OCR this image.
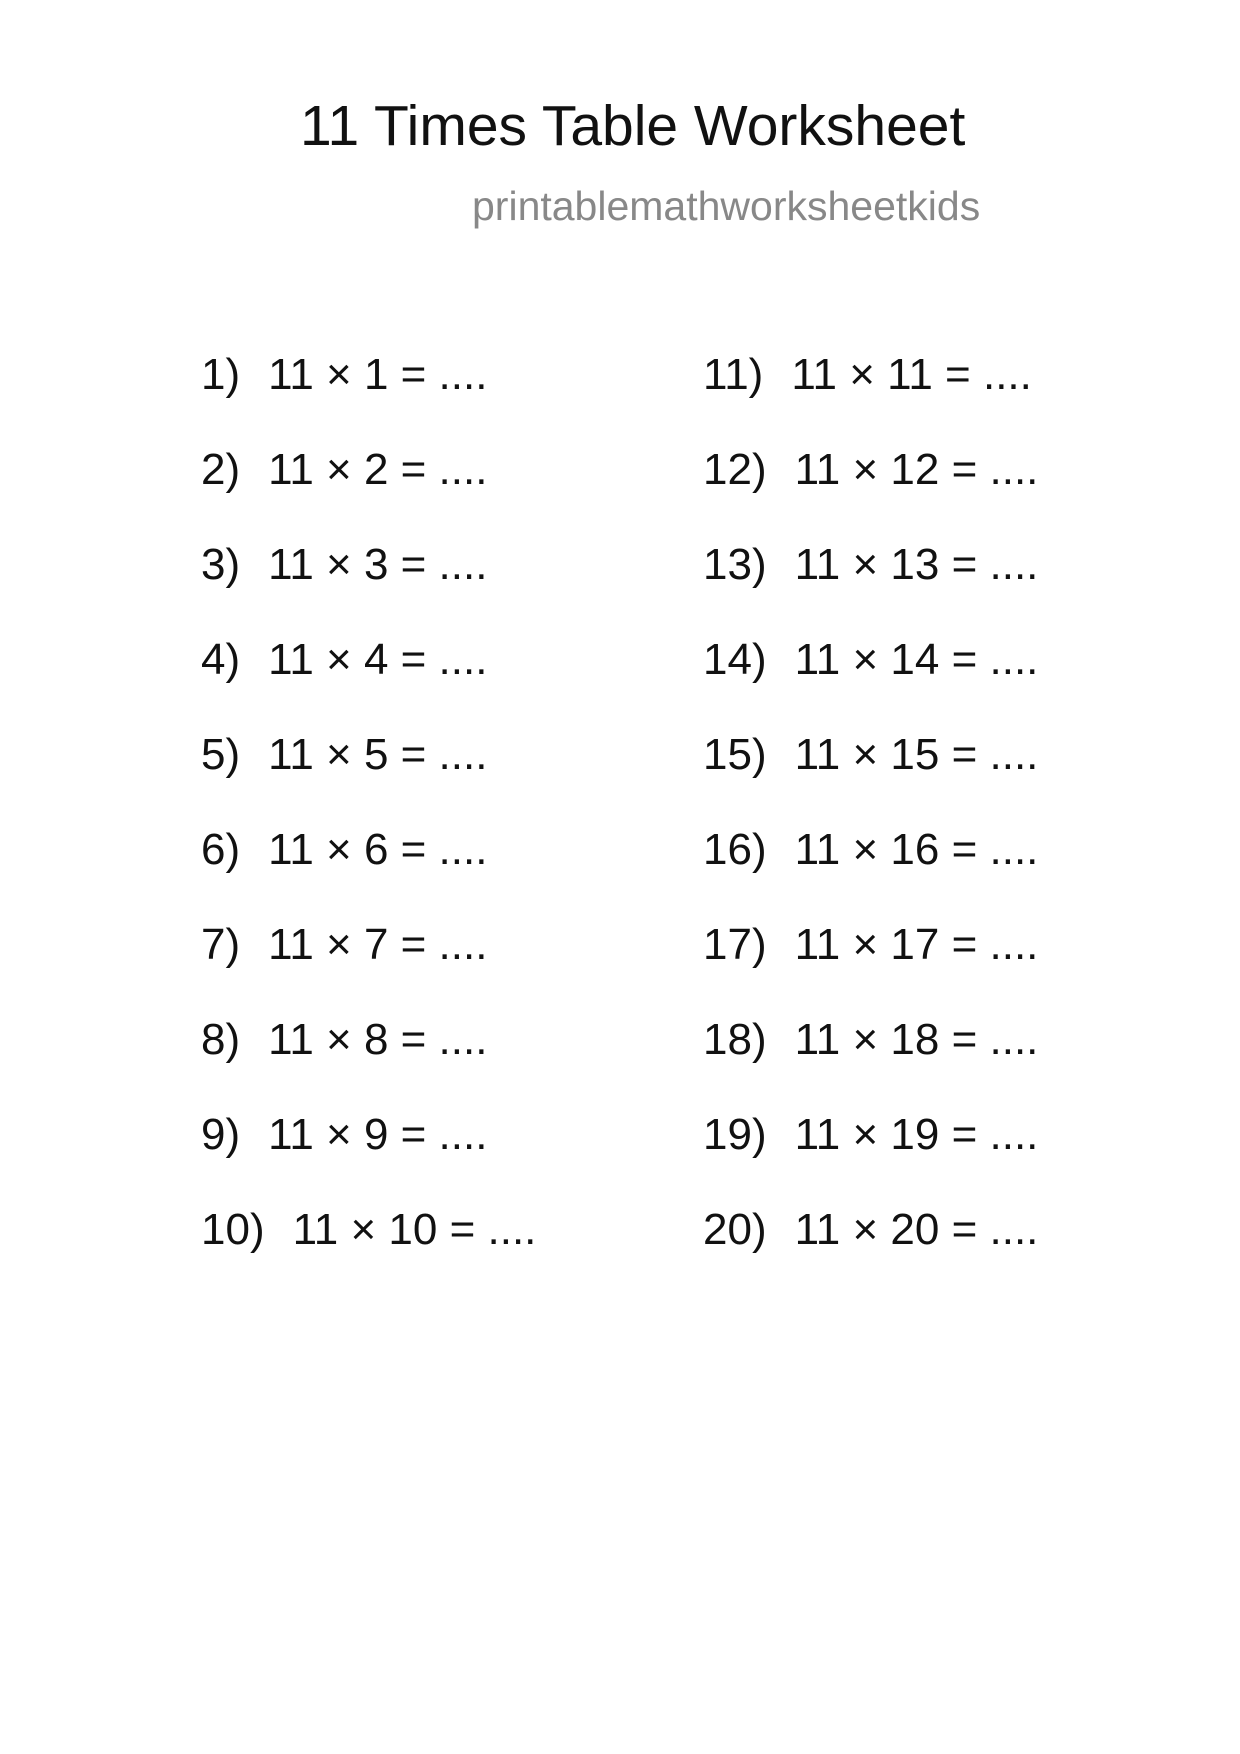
11 Times Table Worksheet
printablemathworksheetkids
1) 11 × 1 = ....
2) 11 × 2 = ....
3) 11 × 3 = ....
4) 11 × 4 = ....
5) 11 × 5 = ....
6) 11 × 6 = ....
7) 11 × 7 = ....
8) 11 × 8 = ....
9) 11 × 9 = ....
10) 11 × 10 = ....
11) 11 × 11 = ....
12) 11 × 12 = ....
13) 11 × 13 = ....
14) 11 × 14 = ....
15) 11 × 15 = ....
16) 11 × 16 = ....
17) 11 × 17 = ....
18) 11 × 18 = ....
19) 11 × 19 = ....
20) 11 × 20 = ....
